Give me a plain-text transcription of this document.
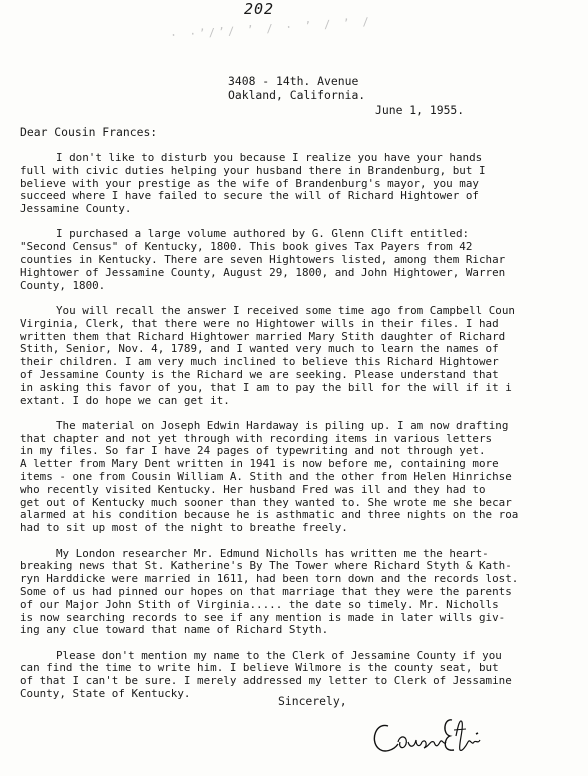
202
· ·ʼ/ʼ/ ʼ / · ʼ / ʼ /
3408 - 14th. Avenue
Oakland, California.
June 1, 1955.
Dear Cousin Frances:

I don't like to disturb you because I realize you have your hands
full with civic duties helping your husband there in Brandenburg, but I
believe with your prestige as the wife of Brandenburg's mayor, you may
succeed where I have failed to secure the will of Richard Hightower of
Jessamine County.

I purchased a large volume authored by G. Glenn Clift entitled:
"Second Census" of Kentucky, 1800. This book gives Tax Payers from 42
counties in Kentucky. There are seven Hightowers listed, among them Richar
Hightower of Jessamine County, August 29, 1800, and John Hightower, Warren
County, 1800.

You will recall the answer I received some time ago from Campbell Coun
Virginia, Clerk, that there were no Hightower wills in their files. I had
written them that Richard Hightower married Mary Stith daughter of Richard
Stith, Senior, Nov. 4, 1789, and I wanted very much to learn the names of
their children. I am very much inclined to believe this Richard Hightower
of Jessamine County is the Richard we are seeking. Please understand that
in asking this favor of you, that I am to pay the bill for the will if it i
extant. I do hope we can get it.

The material on Joseph Edwin Hardaway is piling up. I am now drafting
that chapter and not yet through with recording items in various letters
in my files. So far I have 24 pages of typewriting and not through yet.
A letter from Mary Dent written in 1941 is now before me, containing more
items - one from Cousin William A. Stith and the other from Helen Hinrichse
who recently visited Kentucky. Her husband Fred was ill and they had to
get out of Kentucky much sooner than they wanted to. She wrote me she becar
alarmed at his condition because he is asthmatic and three nights on the roa
had to sit up most of the night to breathe freely.

My London researcher Mr. Edmund Nicholls has written me the heart-
breaking news that St. Katherine's By The Tower where Richard Styth & Kath-
ryn Harddicke were married in 1611, had been torn down and the records lost.
Some of us had pinned our hopes on that marriage that they were the parents
of our Major John Stith of Virginia..... the date so timely. Mr. Nicholls
is now searching records to see if any mention is made in later wills giv-
ing any clue toward that name of Richard Styth.

Please don't mention my name to the Clerk of Jessamine County if you
can find the time to write him. I believe Wilmore is the county seat, but
of that I can't be sure. I merely addressed my letter to Clerk of Jessamine
County, State of Kentucky.

Sincerely,
